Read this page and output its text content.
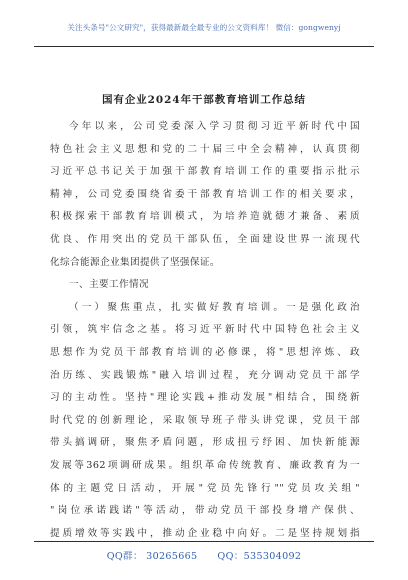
关注头条号"公文研究"，获得最新最全最专业的公文资料库！ 微信：gongwenyj
国有企业2024年干部教育培训工作总结
今年以来，公司党委深入学习贯彻习近平新时代中国
特色社会主义思想和党的二十届三中全会精神，认真贯彻
习近平总书记关于加强干部教育培训工作的重要指示批示
精神，公司党委围绕省委干部教育培训工作的相关要求，
积极探索干部教育培训模式，为培养造就德才兼备、素质
优良、作用突出的党员干部队伍，全面建设世界一流现代
化综合能源企业集团提供了坚强保证。
一、主要工作情况
（一）聚焦重点，扎实做好教育培训。一是强化政治
引领，筑牢信念之基。将习近平新时代中国特色社会主义
思想作为党员干部教育培训的必修课，将"思想淬炼、政
治历练、实践锻炼"融入培训过程，充分调动党员干部学
习的主动性。坚持"理论实践+推动发展"相结合，围绕新
时代党的创新理论，采取领导班子带头讲党课，党员干部
带头搞调研，聚焦矛盾问题，形成扭亏纾困、加快新能源
发展等362项调研成果。组织革命传统教育、廉政教育为一
体的主题党日活动，开展"党员先锋行""党员攻关组"
"岗位承诺践诺"等活动，带动党员干部投身增产保供、
提质增效等实践中，推动企业稳中向好。二是坚持规划指
QQ群： 30265665 QQ：535304092
